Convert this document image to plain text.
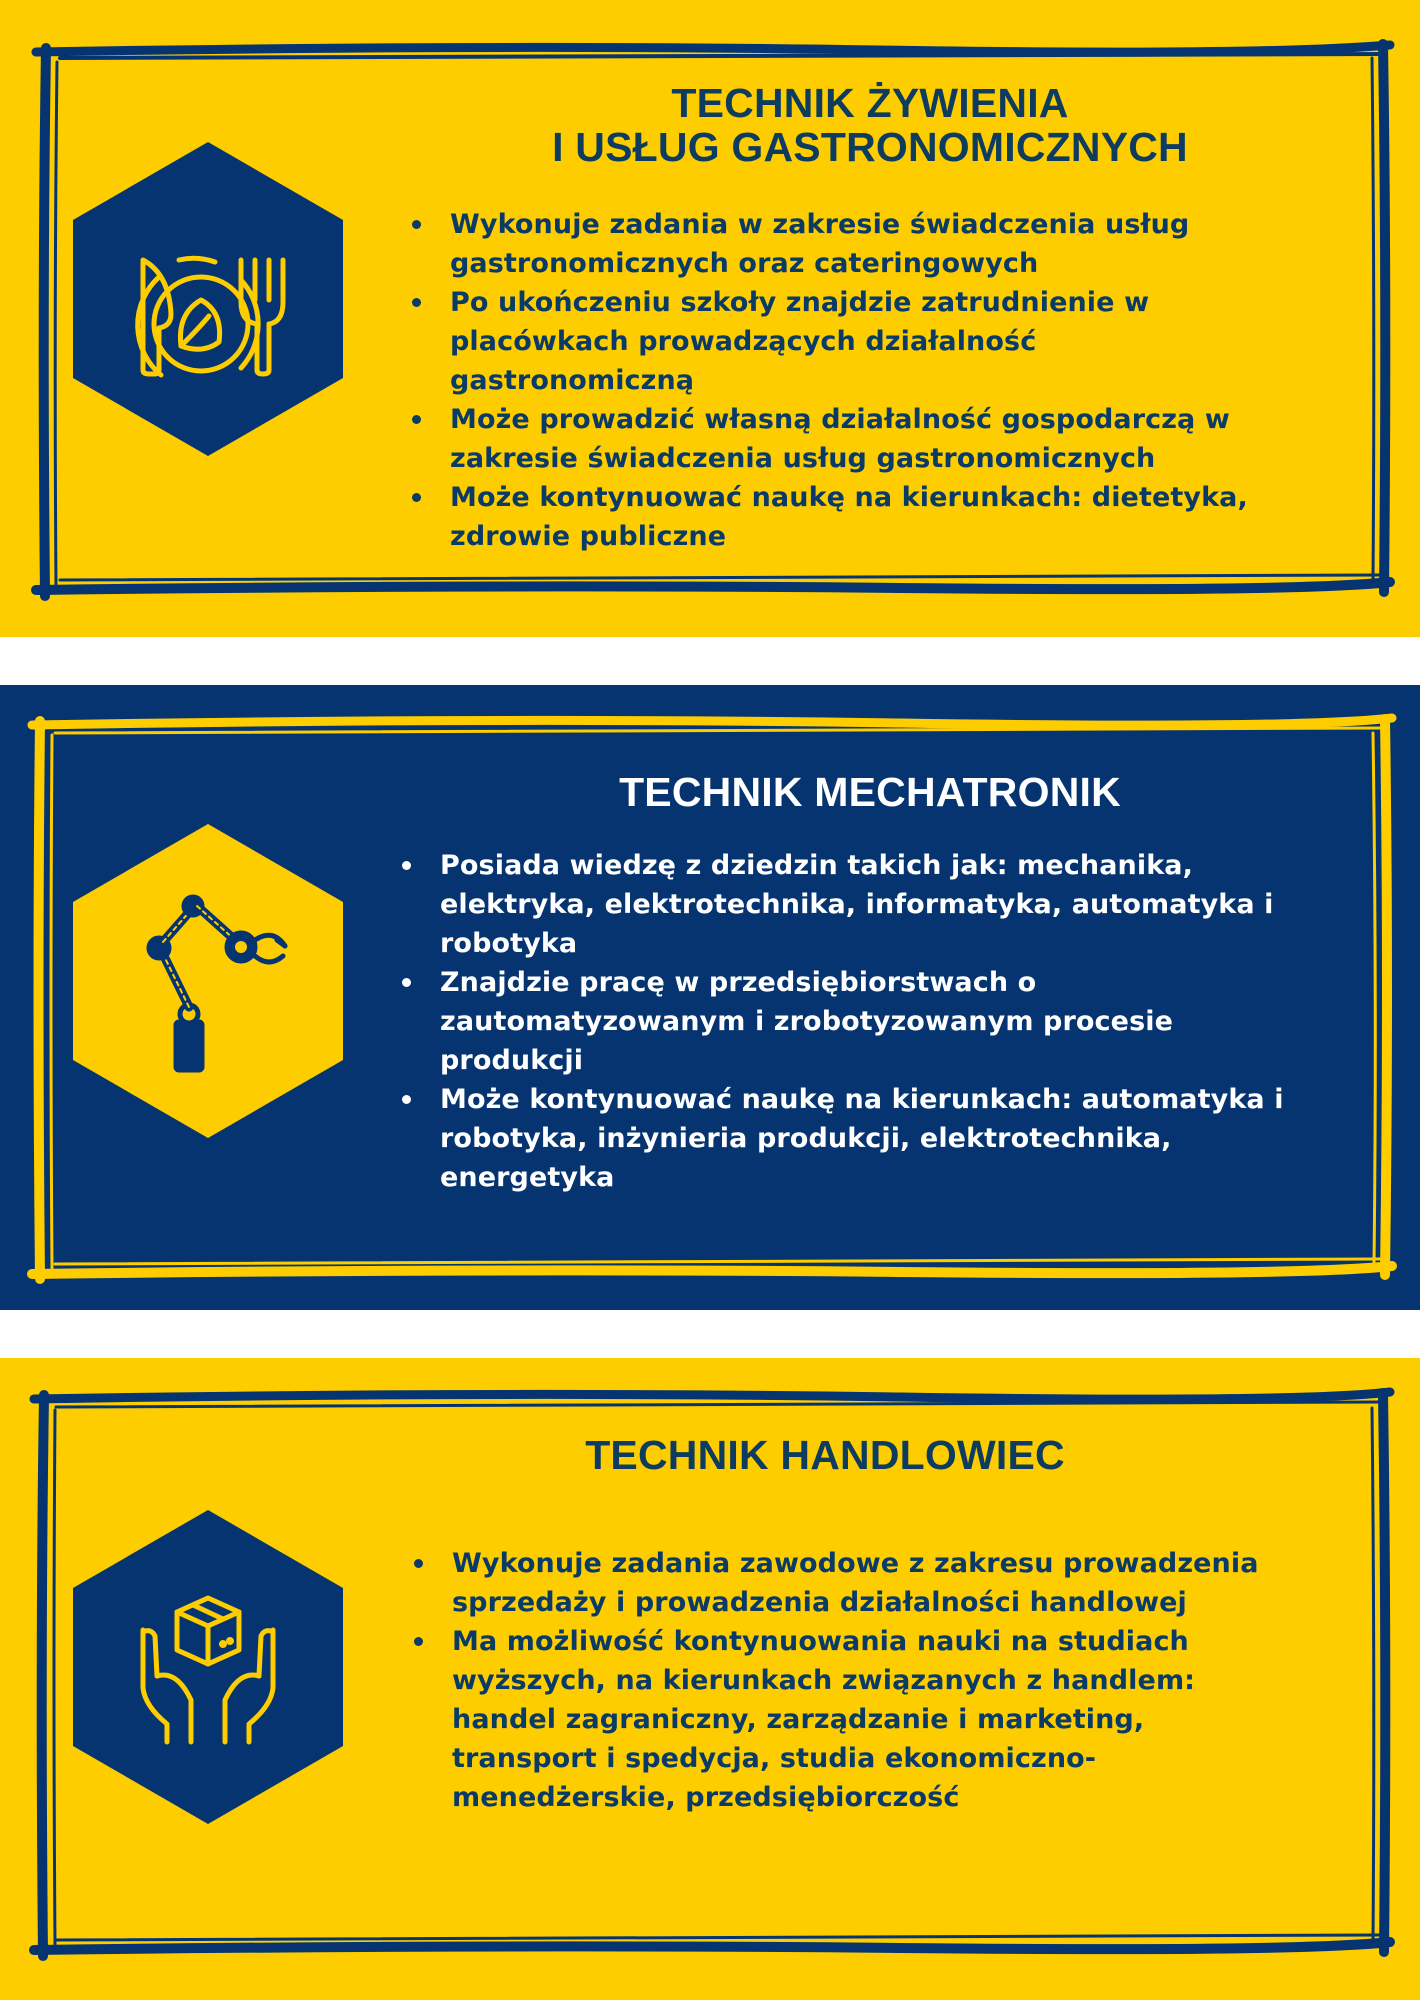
TECHNIK ŻYWIENIA
I USŁUG GASTRONOMICZNYCH
Wykonuje zadania w zakresie świadczenia usług gastronomicznych oraz cateringowych
Po ukończeniu szkoły znajdzie zatrudnienie w placówkach prowadzących działalność gastronomiczną
Może prowadzić własną działalność gospodarczą w zakresie świadczenia usług gastronomicznych
Może kontynuować naukę na kierunkach: dietetyka, zdrowie publiczne
TECHNIK MECHATRONIK
Posiada wiedzę z dziedzin takich jak: mechanika, elektryka, elektrotechnika, informatyka, automatyka i robotyka
Znajdzie pracę w przedsiębiorstwach o zautomatyzowanym i zrobotyzowanym procesie produkcji
Może kontynuować naukę na kierunkach: automatyka i robotyka, inżynieria produkcji, elektrotechnika, energetyka
TECHNIK HANDLOWIEC
Wykonuje zadania zawodowe z zakresu prowadzenia sprzedaży i prowadzenia działalności handlowej
Ma możliwość kontynuowania nauki na studiach wyższych, na kierunkach związanych z handlem: handel zagraniczny, zarządzanie i marketing, transport i spedycja, studia ekonomiczno-menedżerskie, przedsiębiorczość
